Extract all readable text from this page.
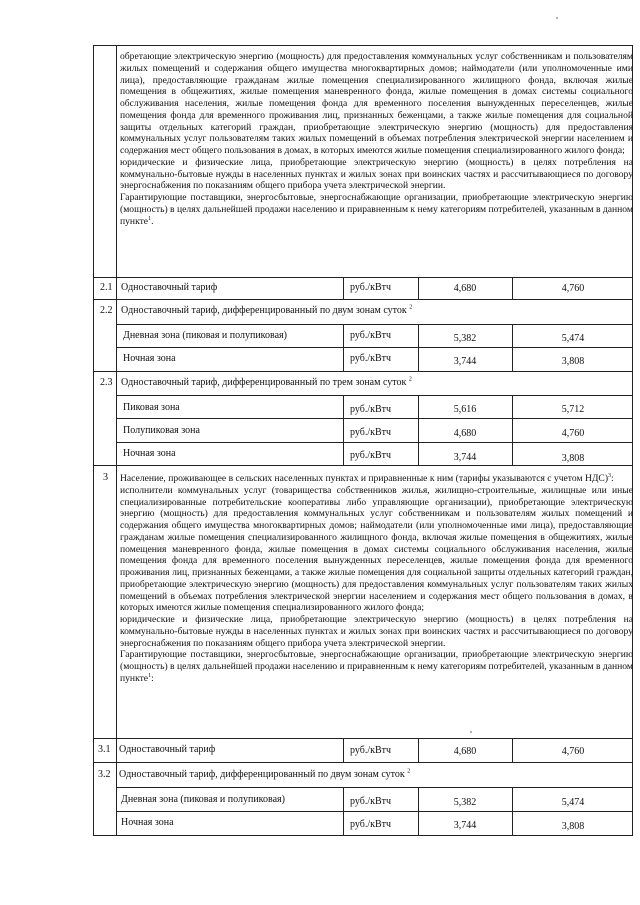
обретающие электрическую энергию (мощность) для предоставления коммунальных услуг собственникам и пользователям жилых помещений и содержания общего имущества многоквартирных домов; наймодатели (или уполномоченные ими лица), предоставляющие гражданам жилые помещения специализированного жилищного фонда, включая жилые помещения в общежитиях, жилые помещения маневренного фонда, жилые помещения в домах системы социального обслуживания населения, жилые помещения фонда для временного поселения вынужденных переселенцев, жилые помещения фонда для временного проживания лиц, признанных беженцами, а также жилые помещения для социальной защиты отдельных категорий граждан, приобретающие электрическую энергию (мощность) для предоставления коммунальных услуг пользователям таких жилых помещений в объемах потребления электрической энергии населением и содержания мест общего пользования в домах, в которых имеются жилые помещения специализированного жилого фонда;

юридические и физические лица, приобретающие электрическую энергию (мощность) в целях потребления на коммунально-бытовые нужды в населенных пунктах и жилых зонах при воинских частях и рассчитывающиеся по договору энергоснабжения по показаниям общего прибора учета электрической энергии.

Гарантирующие поставщики, энергосбытовые, энергоснабжающие организации, приобретающие электрическую энергию (мощность) в целях дальнейшей продажи населению и приравненным к нему категориям потребителей, указанным в данном пункте$^1$.

2.1 Одноставочный тариф	руб./кВтч	4,680	4,760
2.2 Одноставочный тариф, дифференцированный по двум зонам суток $^2$
Дневная зона (пиковая и полупиковая)	руб./кВтч	5,382	5,474
Ночная зона	руб./кВтч	3,744	3,808
2.3 Одноставочный тариф, дифференцированный по трем зонам суток $^2$
Пиковая зона	руб./кВтч	5,616	5,712
Полупиковая зона	руб./кВтч	4,680	4,760
Ночная зона	руб./кВтч	3,744	3,808
3	Население, проживающее в сельских населенных пунктах и приравненные к ним (тарифы указываются с учетом НДС)$^3$:

исполнители коммунальных услуг (товарищества собственников жилья, жилищно-строительные, жилищные или иные специализированные потребительские кооперативы либо управляющие организации), приобретающие электрическую энергию (мощность) для предоставления коммунальных услуг собственникам и пользователям жилых помещений и содержания общего имущества многоквартирных домов; наймодатели (или уполномоченные ими лица), предоставляющие гражданам жилые помещения специализированного жилищного фонда, включая жилые помещения в общежитиях, жилые помещения маневренного фонда, жилые помещения в домах системы социального обслуживания населения, жилые помещения фонда для временного поселения вынужденных переселенцев, жилые помещения фонда для временного проживания лиц, признанных беженцами, а также жилые помещения для социальной защиты отдельных категорий граждан, приобретающие электрическую энергию (мощность) для предоставления коммунальных услуг пользователям таких жилых помещений в объемах потребления электрической энергии населением и содержания мест общего пользования в домах, в которых имеются жилые помещения специализированного жилого фонда;

юридические и физические лица, приобретающие электрическую энергию (мощность) в целях потребления на коммунально-бытовые нужды в населенных пунктах и жилых зонах при воинских частях и рассчитывающиеся по договору энергоснабжения по показаниям общего прибора учета электрической энергии.

Гарантирующие поставщики, энергосбытовые, энергоснабжающие организации, приобретающие электрическую энергию (мощность) в целях дальнейшей продажи населению и приравненным к нему категориям потребителей, указанным в данном пункте$^1$:

3.1 Одноставочный тариф	руб./кВтч	4,680	4,760
3.2 Одноставочный тариф, дифференцированный по двум зонам суток $^2$
Дневная зона (пиковая и полупиковая)	руб./кВтч	5,382	5,474
Ночная зона	руб./кВтч	3,744	3,808
